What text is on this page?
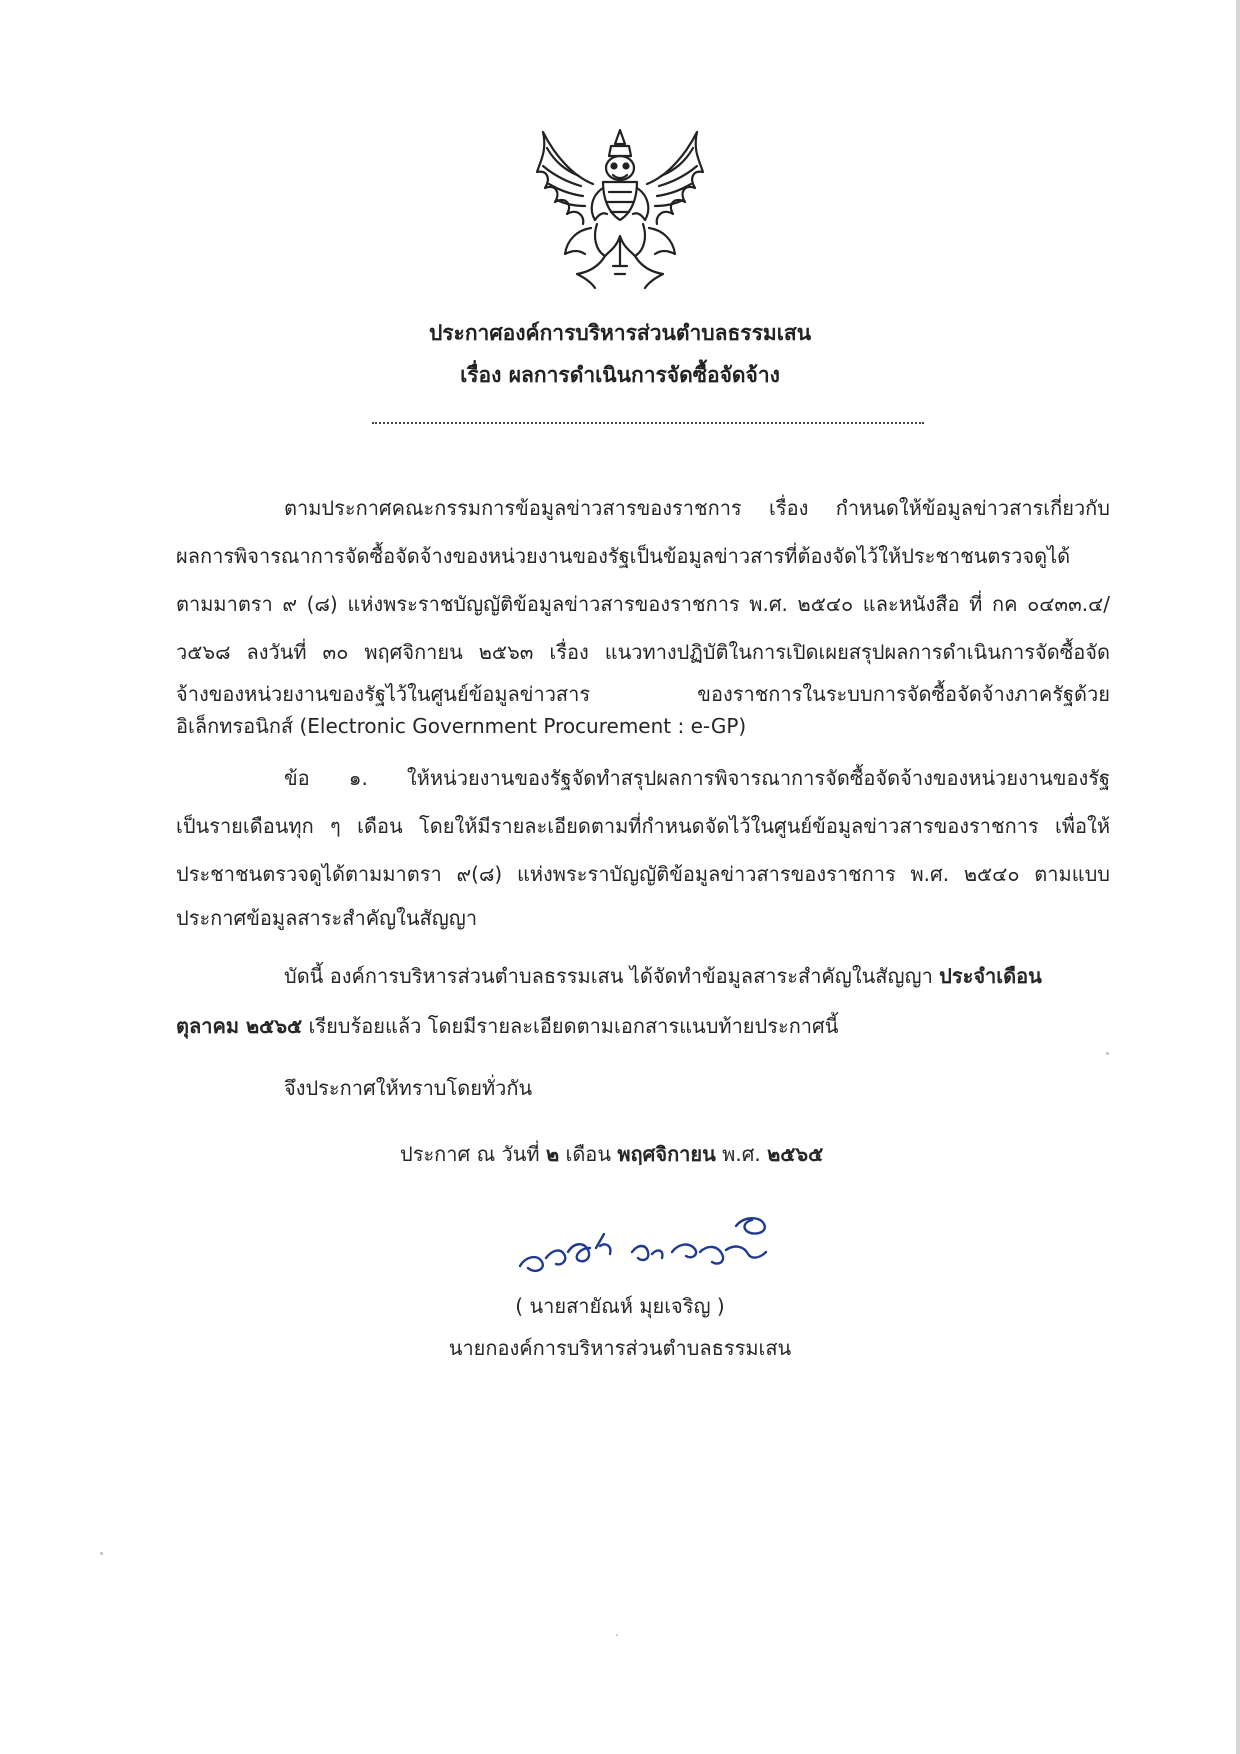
ประกาศองค์การบริหารส่วนตำบลธรรมเสน
เรื่อง ผลการดำเนินการจัดซื้อจัดจ้าง
ตามประกาศคณะกรรมการข้อมูลข่าวสารของราชการ เรื่อง กำหนดให้ข้อมูลข่าวสารเกี่ยวกับ
ผลการพิจารณาการจัดซื้อจัดจ้างของหน่วยงานของรัฐเป็นข้อมูลข่าวสารที่ต้องจัดไว้ให้ประชาชนตรวจดูได้
ตามมาตรา ๙ (๘) แห่งพระราชบัญญัติข้อมูลข่าวสารของราชการ พ.ศ. ๒๕๔๐ และหนังสือ ที่ กค ๐๔๓๓.๔/
ว๕๖๘ ลงวันที่ ๓๐ พฤศจิกายน ๒๕๖๓ เรื่อง แนวทางปฏิบัติในการเปิดเผยสรุปผลการดำเนินการจัดซื้อจัด
จ้างของหน่วยงานของรัฐไว้ในศูนย์ข้อมูลข่าวสาร ของราชการในระบบการจัดซื้อจัดจ้างภาครัฐด้วย
อิเล็กทรอนิกส์ (Electronic Government Procurement : e-GP)
ข้อ ๑. ให้หน่วยงานของรัฐจัดทำสรุปผลการพิจารณาการจัดซื้อจัดจ้างของหน่วยงานของรัฐ
เป็นรายเดือนทุก ๆ เดือน โดยให้มีรายละเอียดตามที่กำหนดจัดไว้ในศูนย์ข้อมูลข่าวสารของราชการ เพื่อให้
ประชาชนตรวจดูได้ตามมาตรา ๙(๘) แห่งพระราบัญญัติข้อมูลข่าวสารของราชการ พ.ศ. ๒๕๔๐ ตามแบบ
ประกาศข้อมูลสาระสำคัญในสัญญา
บัดนี้ องค์การบริหารส่วนตำบลธรรมเสน ได้จัดทำข้อมูลสาระสำคัญในสัญญา ประจำเดือน
ตุลาคม ๒๕๖๕ เรียบร้อยแล้ว โดยมีรายละเอียดตามเอกสารแนบท้ายประกาศนี้
จึงประกาศให้ทราบโดยทั่วกัน
ประกาศ ณ วันที่ ๒ เดือน พฤศจิกายน พ.ศ. ๒๕๖๕
( นายสายัณห์ มุยเจริญ )
นายกองค์การบริหารส่วนตำบลธรรมเสน
